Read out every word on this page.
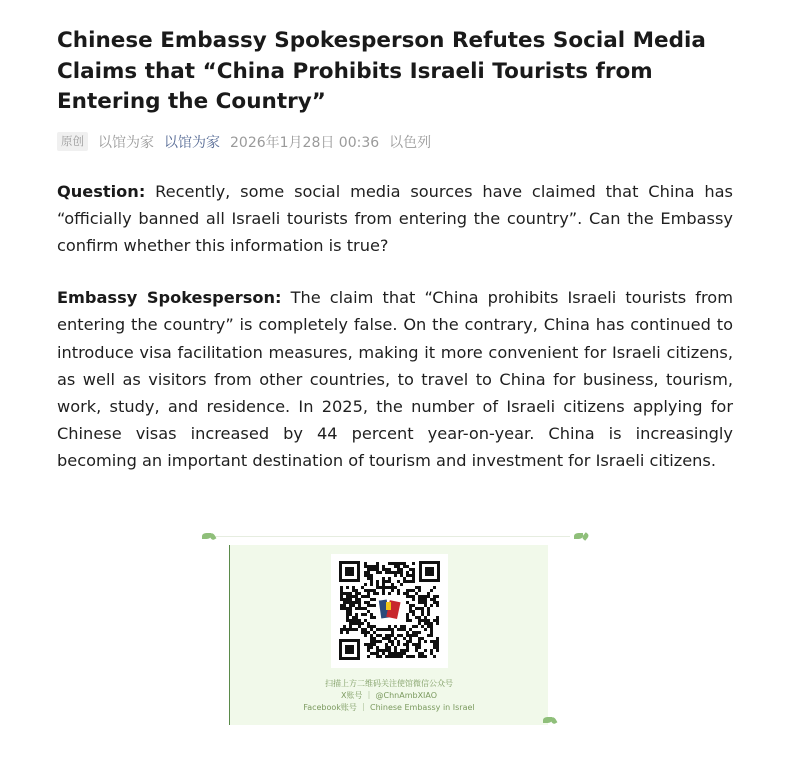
Chinese Embassy Spokesperson Refutes Social Media Claims that “China Prohibits Israeli Tourists from Entering the Country”
原创 以馆为家 以馆为家 2026年1月28日 00:36 以色列

Question: Recently, some social media sources have claimed that China has “officially banned all Israeli tourists from entering the country”. Can the Embassy confirm whether this information is true?

Embassy Spokesperson: The claim that “China prohibits Israeli tourists from entering the country” is completely false. On the contrary, China has continued to introduce visa facilitation measures, making it more convenient for Israeli citizens, as well as visitors from other countries, to travel to China for business, tourism, work, study, and residence. In 2025, the number of Israeli citizens applying for Chinese visas increased by 44 percent year-on-year. China is increasingly becoming an important destination of tourism and investment for Israeli citizens.

扫描上方二维码关注使馆微信公众号
X账号 ｜ @ChnAmbXIAO
Facebook账号 ｜ Chinese Embassy in Israel
